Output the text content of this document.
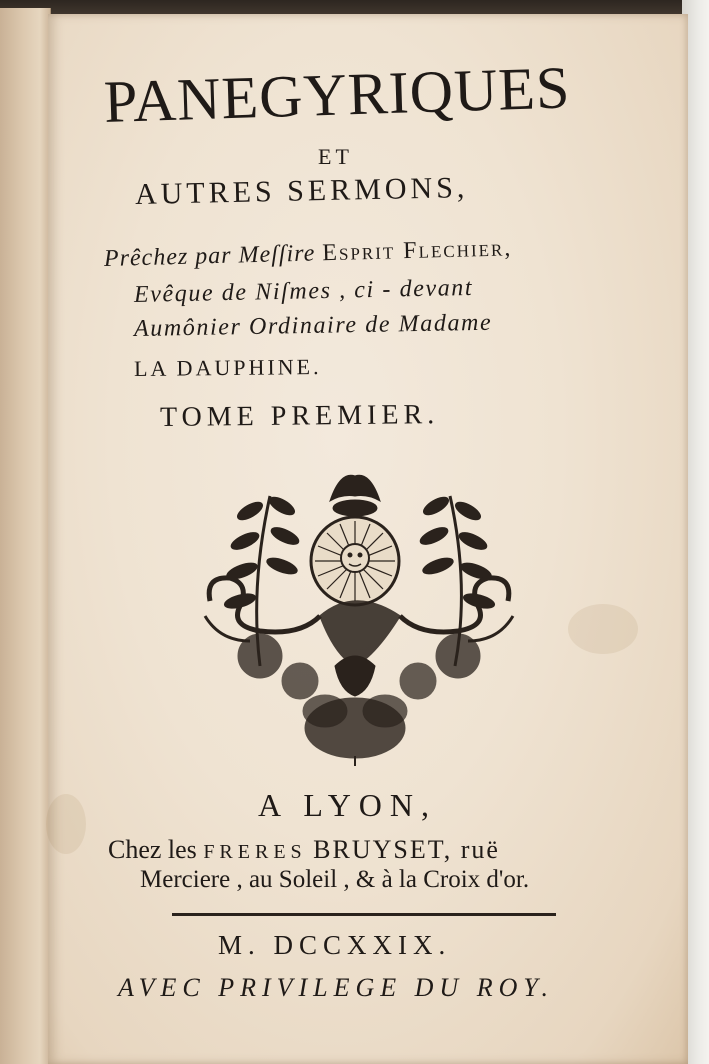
PANEGYRIQUES
ET
AUTRES SERMONS,
Prêchez par Meſſire Esprit Flechier,
Evêque de Niſmes , ci - devant
Aumônier Ordinaire de Madame
LA DAUPHINE.
TOME PREMIER.
A LYON,
Chez les FRERES BRUYSET, ruë
Merciere , au Soleil , & à la Croix d'or.
M. DCCXXIX.
AVEC PRIVILEGE DU ROY.
